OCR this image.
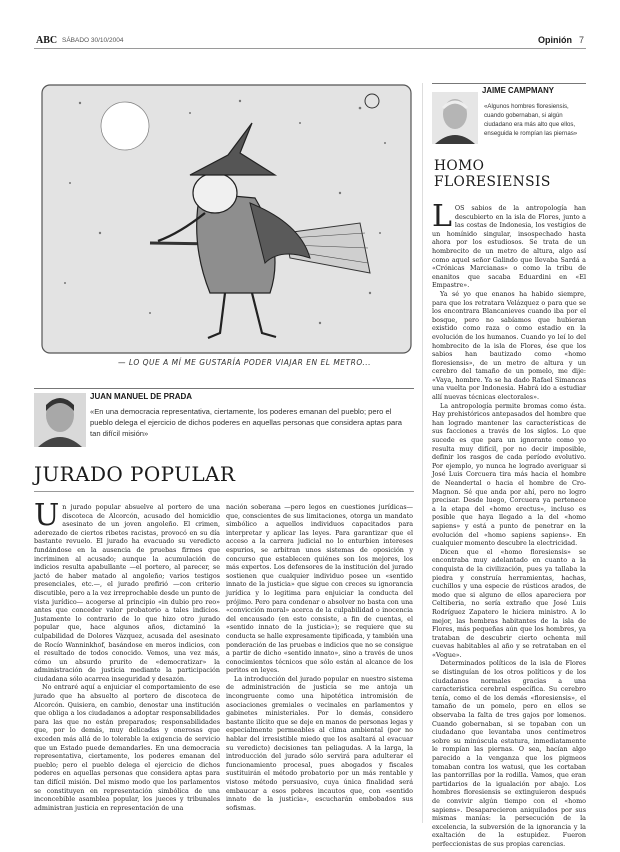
ABC SÁBADO 30/10/2004	Opinión 7
— LO QUE A MÍ ME GUSTARÍA PODER VIAJAR EN EL METRO...
JUAN MANUEL DE PRADA
«En una democracia representativa, ciertamente, los poderes emanan del pueblo; pero el pueblo delega el ejercicio de dichos poderes en aquellas personas que considera aptas para tan difícil misión»
JAIME CAMPMANY
«Algunos hombres floresiensis, cuando gobernaban, si algún ciudadano era más alto que ellos, enseguida le rompían las piernas»
JURADO POPULAR
HOMO
FLORESIENSIS

Un jurado popular absuelve al portero de una discoteca de Alcorcón, acusado del homicidio asesinato de un joven angoleño. El crimen, aderezado de ciertos ribetes racistas, provocó en su día bastante revuelo. El jurado ha evacuado su veredicto fundándose en la ausencia de pruebas firmes que incriminen al acusado; aunque la acumulación de indicios resulta apabullante —el portero, al parecer, se jactó de haber matado al angoleño; varios testigos presenciales, etc.—, el jurado prefirió —con criterio discutible, pero a la vez irreprochable desde un punto de vista jurídico— acogerse al principio «in dubio pro reo» antes que conceder valor probatorio a tales indicios. Justamente lo contrario de lo que hizo otro jurado popular que, hace algunos años, dictaminó la culpabilidad de Dolores Vázquez, acusada del asesinato de Rocío Wanninkhof, basándose en meros indicios, con el resultado de todos conocido. Vemos, una vez más, cómo un absurdo prurito de «democratizar» la administración de justicia mediante la participación ciudadana sólo acarrea inseguridad y desazón.

No entraré aquí a enjuiciar el comportamiento de ese jurado que ha absuelto al portero de discoteca de Alcorcón. Quisiera, en cambio, denostar una institución que obliga a los ciudadanos a adoptar responsabilidades para las que no están preparados; responsabilidades que, por lo demás, muy delicadas y onerosas que exceden más allá de lo tolerable la exigencia de servicio que un Estado puede demandarles. En una democracia representativa, ciertamente, los poderes emanan del pueblo; pero el pueblo delega el ejercicio de dichos poderes en aquellas personas que considera aptas para tan difícil misión. Del mismo modo que los parlamentos se constituyen en representación simbólica de una inconcebible asamblea popular, los jueces y tribunales administran justicia en representación de una

nación soberana —pero legos en cuestiones jurídicas— que, conscientes de sus limitaciones, otorga un mandato simbólico a aquellos individuos capacitados para interpretar y aplicar las leyes. Para garantizar que el acceso a la carrera judicial no lo enturbien intereses espurios, se arbitran unos sistemas de oposición y concurso que establecen quiénes son los mejores, los más expertos. Los defensores de la institución del jurado sostienen que cualquier individuo posee un «sentido innato de la justicia» que sigue con creces su ignorancia jurídica y lo legitima para enjuiciar la conducta del prójimo. Pero para condenar o absolver no basta con una «convicción moral» acerca de la culpabilidad o inocencia del encausado (en esto consiste, a fin de cuentas, el «sentido innato de la justicia»); se requiere que su conducta se halle expresamente tipificada, y también una ponderación de las pruebas e indicios que no se consigue a partir de dicho «sentido innato», sino a través de unos conocimientos técnicos que sólo están al alcance de los peritos en leyes.

La introducción del jurado popular en nuestro sistema de administración de justicia se me antoja un incongruente como una hipotética intromisión de asociaciones gremiales o vecinales en parlamentos y gabinetes ministeriales. Por lo demás, considero bastante ilícito que se deje en manos de personas legas y especialmente permeables al clima ambiental (por no hablar del irresistible miedo que los asaltará al evacuar su veredicto) decisiones tan peliagudas. A la larga, la introducción del jurado sólo servirá para adulterar el funcionamiento procesal, pues abogados y fiscales sustituirán el método probatorio por un más rentable y vistoso método persuasivo, cuya única finalidad será embaucar a esos pobres incautos que, con «sentido innato de la justicia», escucharán embobados sus sofismas.

LOS sabios de la antropología han descubierto en la isla de Flores, junto a las costas de Indonesia, los vestigios de un homínido singular, insospechado hasta ahora por los estudiosos. Se trata de un hombrecito de un metro de altura, algo así como aquel señor Galindo que llevaba Sardá a «Crónicas Marcianas» o como la tribu de enanitos que sacaba Eduardini en «El Empastre».

Ya sé yo que enanos ha habido siempre, para que los retratara Velázquez o para que se los encontrara Blancanieves cuando iba por el bosque, pero no sabíamos que hubieran existido como raza o como estadio en la evolución de los humanos. Cuando yo leí lo del hombrecito de la isla de Flores, ése que los sabios han bautizado como «homo floresiensis», de un metro de altura y un cerebro del tamaño de un pomelo, me dije: «Vaya, hombre. Ya se ha dado Rafael Simancas una vuelta por Indonesia. Habrá ido a estudiar allí nuevas técnicas electorales».

La antropología permite bromas como ésta. Hay prehistóricos antepasados del hombre que han logrado mantener las características de sus facciones a través de los siglos. Lo que sucede es que para un ignorante como yo resulta muy difícil, por no decir imposible, definir los rasgos de cada período evolutivo. Por ejemplo, yo nunca he logrado averiguar si José Luis Corcuera tira más hacia el hombre de Neandertal o hacia el hombre de Cro-Magnon. Sé que anda por ahí, pero no logro precisar. Desde luego, Corcuera ya pertenece a la etapa del «homo erectus», incluso es posible que haya llegado a la del «homo sapiens» y está a punto de penetrar en la evolución del «homo sapiens sapiens». En cualquier momento descubre la electricidad.

Dicen que el «homo floresiensis» se encontraba muy adelantado en cuanto a la conquista de la civilización, pues ya tallaba la piedra y construía herramientas, hachas, cuchillos y una especie de rústicos arados, de modo que si alguno de ellos apareciera por Celtiberia, no sería extraño que José Luis Rodríguez Zapatero le hiciera ministro. A lo mejor, las hembras habitantes de la isla de Flores, más pequeñas aún que los hombres, ya trataban de descubrir cierto ochenta mil cuevas habitables al año y se retrataban en el «Vogue».

Determinados políticos de la isla de Flores se distinguían de los otros políticos y de los ciudadanos normales gracias a una característica cerebral específica. Su cerebro tenía, como el de los demás «floresiensis», el tamaño de un pomelo, pero en ellos se observaba la falta de tres gajos por lomenos. Cuando gobernaban, si se topaban con un ciudadano que levantaba unos centímetros sobre su minúscula estatura, inmediatamente le rompían las piernas. O sea, hacían algo parecido a la venganza que los pigmeos tomaban contra los watusi, que les cortaban las pantorrillas por la rodilla. Vamos, que eran partidarios de la igualación por abajo. Los hombres floresiensis se extinguieron después de convivir algún tiempo con el «homo sapiens». Desaparecieron aniquilados por sus mismas manías: la persecución de la excelencia, la subversión de la ignorancia y la exaltación de la estupidez. Fueron perfeccionistas de sus propias carencias.
